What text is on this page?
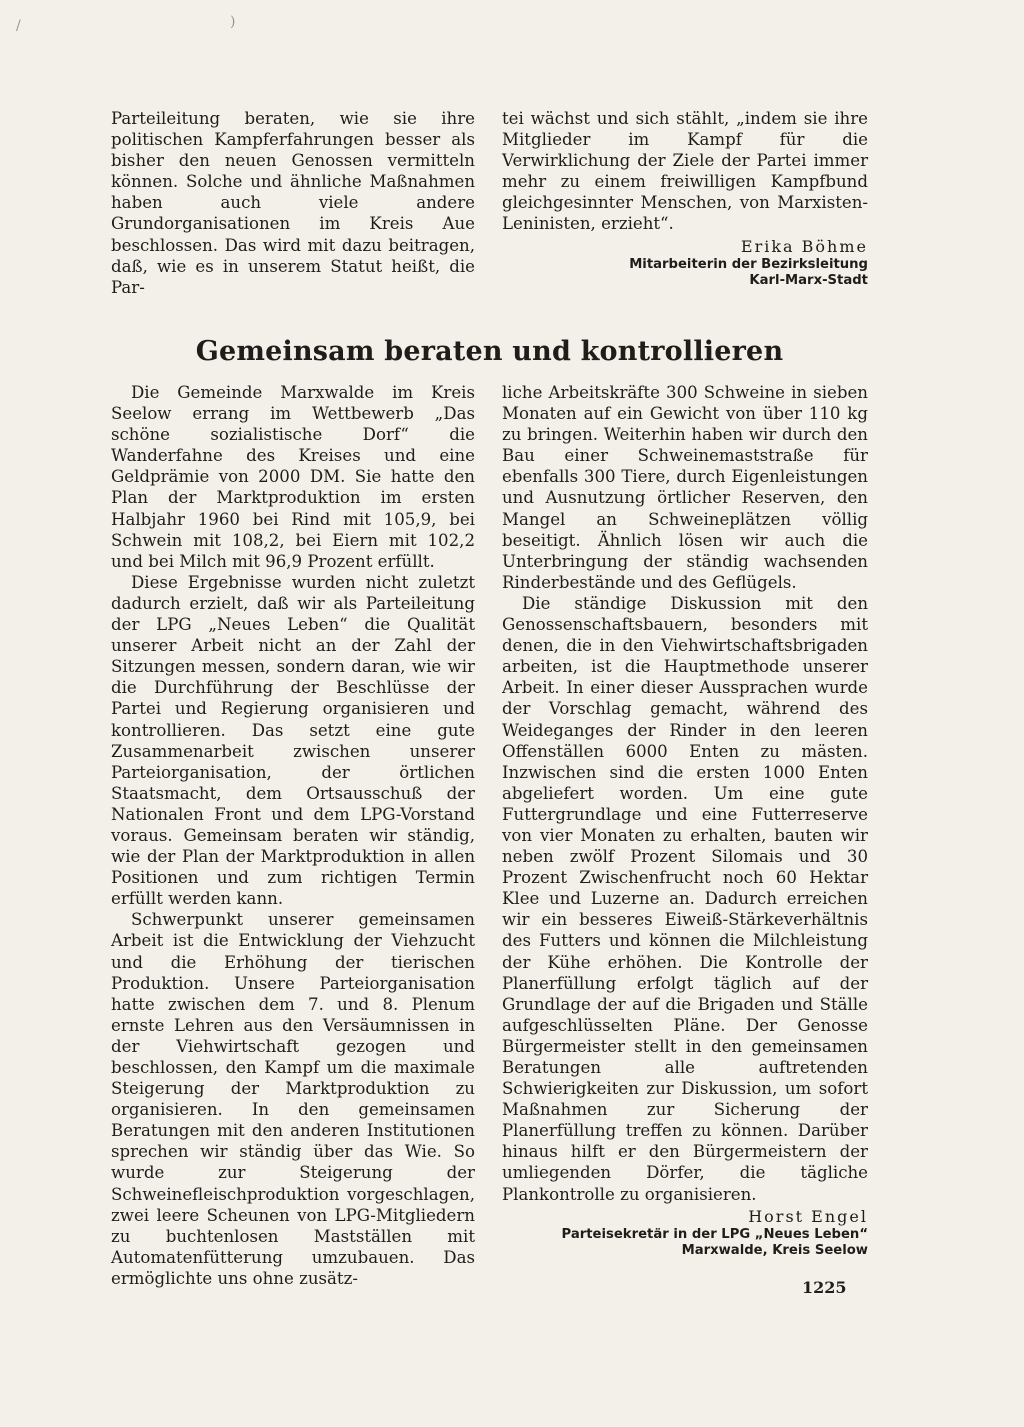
/	)

Parteileitung beraten, wie sie ihre politischen Kampferfahrungen besser als bisher den neuen Genossen vermitteln können. Solche und ähnliche Maßnahmen haben auch viele andere Grundorganisationen im Kreis Aue beschlossen. Das wird mit dazu beitragen, daß, wie es in unserem Statut heißt, die Par-

tei wächst und sich stählt, „indem sie ihre Mitglieder im Kampf für die Verwirklichung der Ziele der Partei immer mehr zu einem freiwilligen Kampfbund gleichgesinnter Menschen, von Marxisten-Leninisten, erzieht“.

Erika Böhme
Mitarbeiterin der Bezirksleitung
Karl-Marx-Stadt
Gemeinsam beraten und kontrollieren

Die Gemeinde Marxwalde im Kreis Seelow errang im Wettbewerb „Das schöne sozialistische Dorf“ die Wanderfahne des Kreises und eine Geldprämie von 2000 DM. Sie hatte den Plan der Marktproduktion im ersten Halbjahr 1960 bei Rind mit 105,9, bei Schwein mit 108,2, bei Eiern mit 102,2 und bei Milch mit 96,9 Prozent erfüllt.

Diese Ergebnisse wurden nicht zuletzt dadurch erzielt, daß wir als Parteileitung der LPG „Neues Leben“ die Qualität unserer Arbeit nicht an der Zahl der Sitzungen messen, sondern daran, wie wir die Durchführung der Beschlüsse der Partei und Regierung organisieren und kontrollieren. Das setzt eine gute Zusammenarbeit zwischen unserer Parteiorganisation, der örtlichen Staatsmacht, dem Ortsausschuß der Nationalen Front und dem LPG-Vorstand voraus. Gemeinsam beraten wir ständig, wie der Plan der Marktproduktion in allen Positionen und zum richtigen Termin erfüllt werden kann.

Schwerpunkt unserer gemeinsamen Arbeit ist die Entwicklung der Viehzucht und die Erhöhung der tierischen Produktion. Unsere Parteiorganisation hatte zwischen dem 7. und 8. Plenum ernste Lehren aus den Versäumnissen in der Viehwirtschaft gezogen und beschlossen, den Kampf um die maximale Steigerung der Marktproduktion zu organisieren. In den gemeinsamen Beratungen mit den anderen Institutionen sprechen wir ständig über das Wie. So wurde zur Steigerung der Schweinefleischproduktion vorgeschlagen, zwei leere Scheunen von LPG-Mitgliedern zu buchtenlosen Mastställen mit Automatenfütterung umzubauen. Das ermöglichte uns ohne zusätz-

liche Arbeitskräfte 300 Schweine in sieben Monaten auf ein Gewicht von über 110 kg zu bringen. Weiterhin haben wir durch den Bau einer Schweinemaststraße für ebenfalls 300 Tiere, durch Eigenleistungen und Ausnutzung örtlicher Reserven, den Mangel an Schweineplätzen völlig beseitigt. Ähnlich lösen wir auch die Unterbringung der ständig wachsenden Rinderbestände und des Geflügels.

Die ständige Diskussion mit den Genossenschaftsbauern, besonders mit denen, die in den Viehwirtschaftsbrigaden arbeiten, ist die Hauptmethode unserer Arbeit. In einer dieser Aussprachen wurde der Vorschlag gemacht, während des Weideganges der Rinder in den leeren Offenställen 6000 Enten zu mästen. Inzwischen sind die ersten 1000 Enten abgeliefert worden. Um eine gute Futtergrundlage und eine Futterreserve von vier Monaten zu erhalten, bauten wir neben zwölf Prozent Silomais und 30 Prozent Zwischenfrucht noch 60 Hektar Klee und Luzerne an. Dadurch erreichen wir ein besseres Eiweiß-Stärkeverhältnis des Futters und können die Milchleistung der Kühe erhöhen. Die Kontrolle der Planerfüllung erfolgt täglich auf der Grundlage der auf die Brigaden und Ställe aufgeschlüsselten Pläne. Der Genosse Bürgermeister stellt in den gemeinsamen Beratungen alle auftretenden Schwierigkeiten zur Diskussion, um sofort Maßnahmen zur Sicherung der Planerfüllung treffen zu können. Darüber hinaus hilft er den Bürgermeistern der umliegenden Dörfer, die tägliche Plankontrolle zu organisieren.

Horst Engel
Parteisekretär in der LPG „Neues Leben“
Marxwalde, Kreis Seelow
1225
